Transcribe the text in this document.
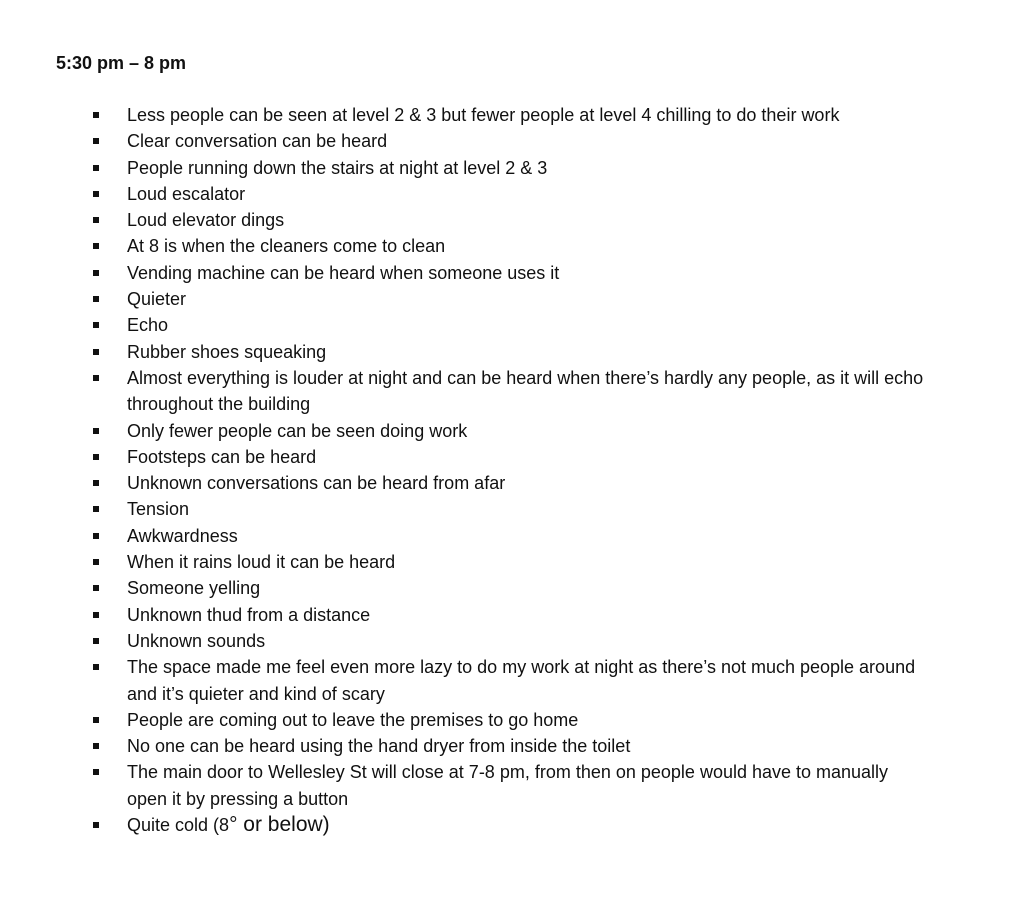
5:30 pm – 8 pm
Less people can be seen at level 2 & 3 but fewer people at level 4 chilling to do their work
Clear conversation can be heard
People running down the stairs at night at level 2 & 3
Loud escalator
Loud elevator dings
At 8 is when the cleaners come to clean
Vending machine can be heard when someone uses it
Quieter
Echo
Rubber shoes squeaking
Almost everything is louder at night and can be heard when there’s hardly any people, as it will echo throughout the building
Only fewer people can be seen doing work
Footsteps can be heard
Unknown conversations can be heard from afar
Tension
Awkwardness
When it rains loud it can be heard
Someone yelling
Unknown thud from a distance
Unknown sounds
The space made me feel even more lazy to do my work at night as there’s not much people around and it’s quieter and kind of scary
People are coming out to leave the premises to go home
No one can be heard using the hand dryer from inside the toilet
The main door to Wellesley St will close at 7-8 pm, from then on people would have to manually open it by pressing a button
Quite cold (8° or below)
